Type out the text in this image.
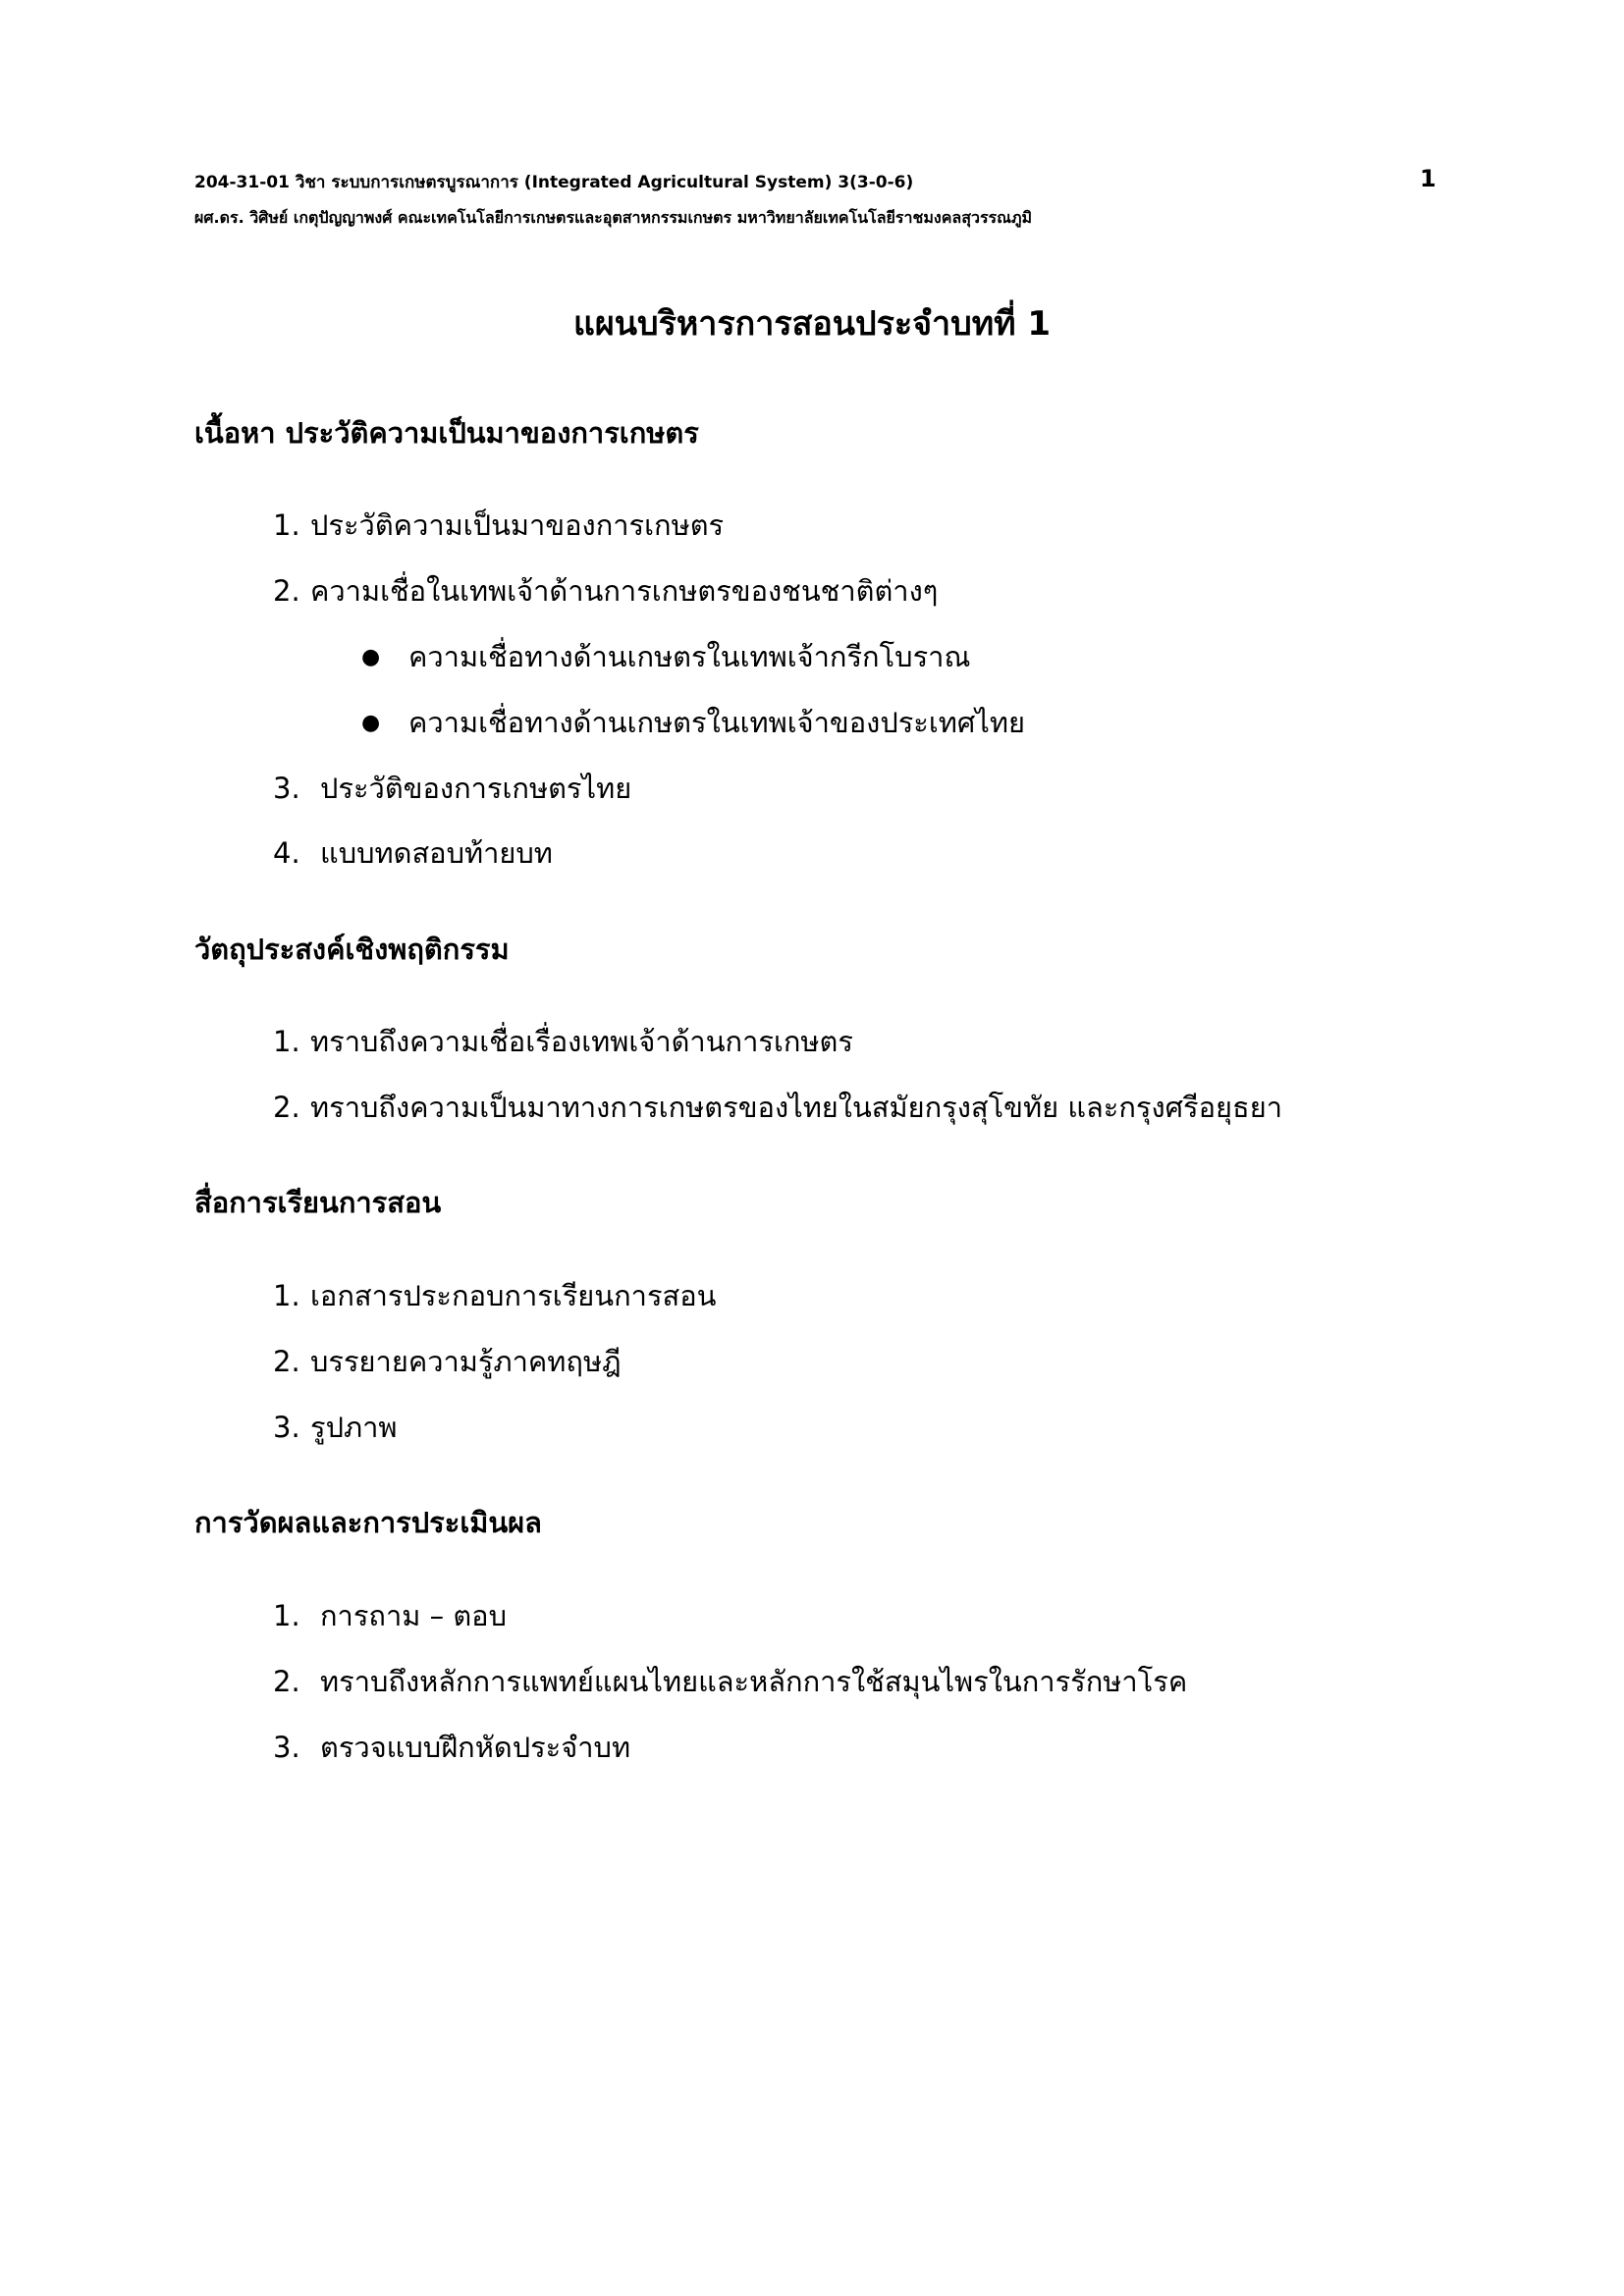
204-31-01 วิชา ระบบการเกษตรบูรณาการ (Integrated Agricultural System) 3(3-0-6)	1
ผศ.ดร. วิศิษย์ เกตุปัญญาพงศ์ คณะเทคโนโลยีการเกษตรและอุตสาหกรรมเกษตร มหาวิทยาลัยเทคโนโลยีราชมงคลสุวรรณภูมิ
แผนบริหารการสอนประจำบทที่ 1
เนื้อหา ประวัติความเป็นมาของการเกษตร
1. ประวัติความเป็นมาของการเกษตร
2. ความเชื่อในเทพเจ้าด้านการเกษตรของชนชาติต่างๆ
● ความเชื่อทางด้านเกษตรในเทพเจ้ากรีกโบราณ
● ความเชื่อทางด้านเกษตรในเทพเจ้าของประเทศไทย
3. ประวัติของการเกษตรไทย
4. แบบทดสอบท้ายบท
วัตถุประสงค์เชิงพฤติกรรม
1. ทราบถึงความเชื่อเรื่องเทพเจ้าด้านการเกษตร
2. ทราบถึงความเป็นมาทางการเกษตรของไทยในสมัยกรุงสุโขทัย และกรุงศรีอยุธยา
สื่อการเรียนการสอน
1. เอกสารประกอบการเรียนการสอน
2. บรรยายความรู้ภาคทฤษฎี
3. รูปภาพ
การวัดผลและการประเมินผล
1. การถาม – ตอบ
2. ทราบถึงหลักการแพทย์แผนไทยและหลักการใช้สมุนไพรในการรักษาโรค
3. ตรวจแบบฝึกหัดประจำบท
